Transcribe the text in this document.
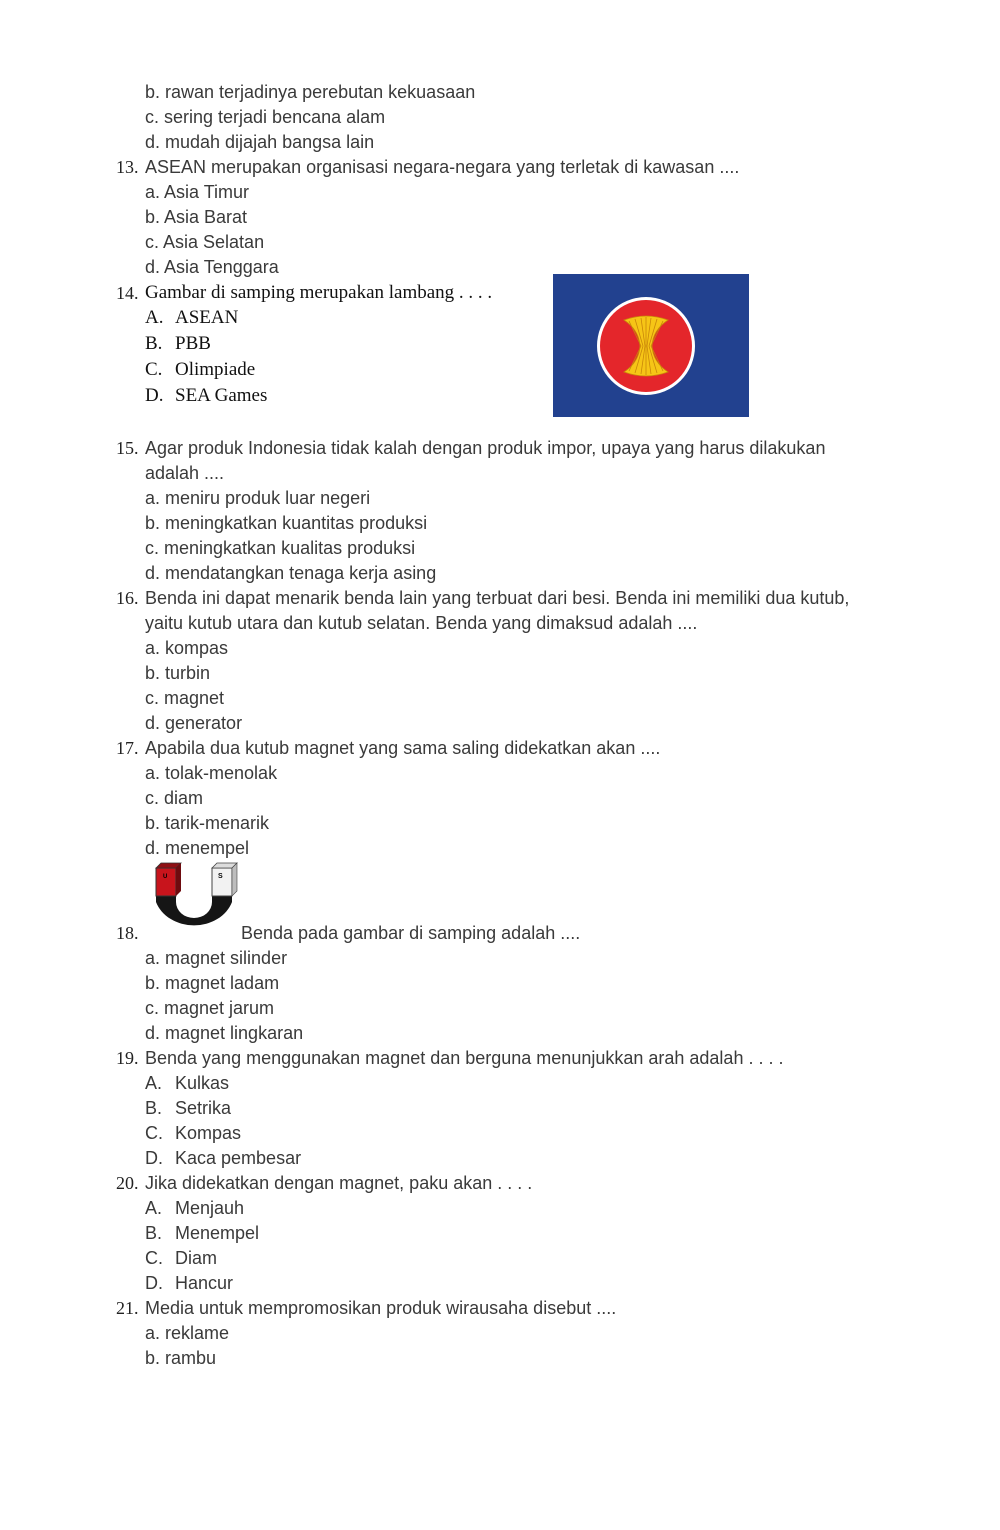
b. rawan terjadinya perebutan kekuasaan
c. sering terjadi bencana alam
d. mudah dijajah bangsa lain
13. ASEAN merupakan organisasi negara-negara yang terletak di kawasan ....
a. Asia Timur
b. Asia Barat
c. Asia Selatan
d. Asia Tenggara
14. Gambar di samping merupakan lambang . . . .
A. ASEAN
B. PBB
C. Olimpiade
D. SEA Games
15. Agar produk Indonesia tidak kalah dengan produk impor, upaya yang harus dilakukan
adalah ....
a. meniru produk luar negeri
b. meningkatkan kuantitas produksi
c. meningkatkan kualitas produksi
d. mendatangkan tenaga kerja asing
16. Benda ini dapat menarik benda lain yang terbuat dari besi. Benda ini memiliki dua kutub,
yaitu kutub utara dan kutub selatan. Benda yang dimaksud adalah ....
a. kompas
b. turbin
c. magnet
d. generator
17. Apabila dua kutub magnet yang sama saling didekatkan akan ....
a. tolak-menolak
c. diam
b. tarik-menarik
d. menempel
U	S
18.	Benda pada gambar di samping adalah ....
a. magnet silinder
b. magnet ladam
c. magnet jarum
d. magnet lingkaran
19. Benda yang menggunakan magnet dan berguna menunjukkan arah adalah . . . .
A. Kulkas
B. Setrika
C. Kompas
D. Kaca pembesar
20. Jika didekatkan dengan magnet, paku akan . . . .
A. Menjauh
B. Menempel
C. Diam
D. Hancur
21. Media untuk mempromosikan produk wirausaha disebut ....
a. reklame
b. rambu
